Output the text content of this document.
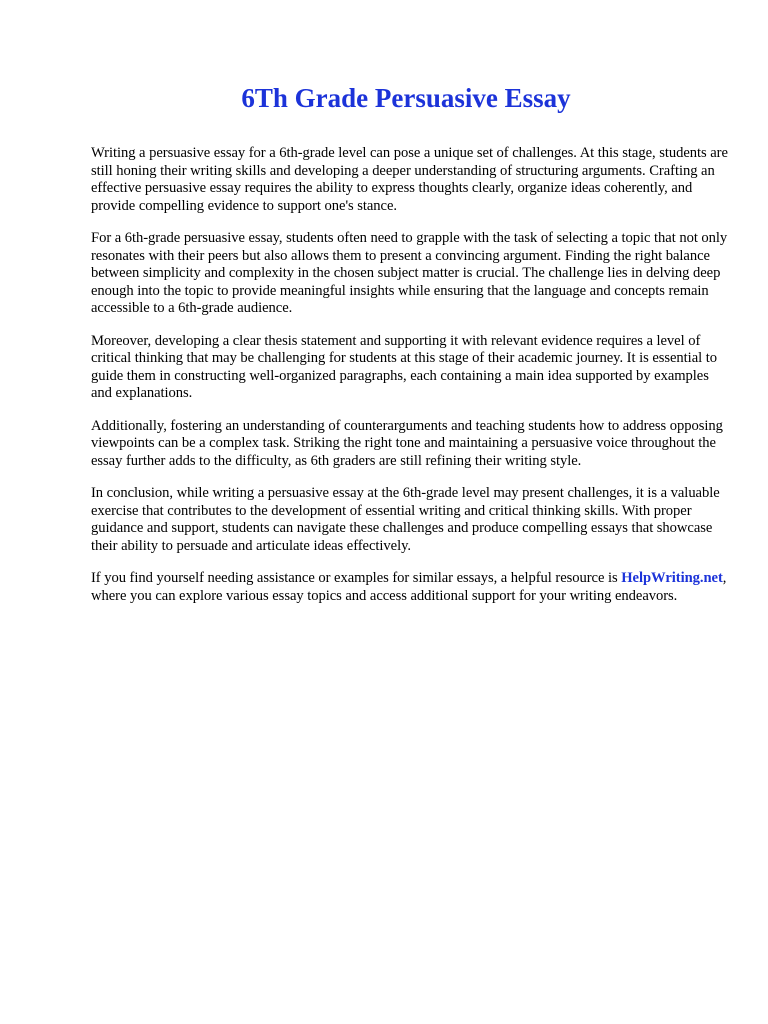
6Th Grade Persuasive Essay

Writing a persuasive essay for a 6th-grade level can pose a unique set of challenges. At this stage, students are still honing their writing skills and developing a deeper understanding of structuring arguments. Crafting an effective persuasive essay requires the ability to express thoughts clearly, organize ideas coherently, and provide compelling evidence to support one's stance.

For a 6th-grade persuasive essay, students often need to grapple with the task of selecting a topic that not only resonates with their peers but also allows them to present a convincing argument. Finding the right balance between simplicity and complexity in the chosen subject matter is crucial. The challenge lies in delving deep enough into the topic to provide meaningful insights while ensuring that the language and concepts remain accessible to a 6th-grade audience.

Moreover, developing a clear thesis statement and supporting it with relevant evidence requires a level of critical thinking that may be challenging for students at this stage of their academic journey. It is essential to guide them in constructing well-organized paragraphs, each containing a main idea supported by examples and explanations.

Additionally, fostering an understanding of counterarguments and teaching students how to address opposing viewpoints can be a complex task. Striking the right tone and maintaining a persuasive voice throughout the essay further adds to the difficulty, as 6th graders are still refining their writing style.

In conclusion, while writing a persuasive essay at the 6th-grade level may present challenges, it is a valuable exercise that contributes to the development of essential writing and critical thinking skills. With proper guidance and support, students can navigate these challenges and produce compelling essays that showcase their ability to persuade and articulate ideas effectively.

If you find yourself needing assistance or examples for similar essays, a helpful resource is HelpWriting.net, where you can explore various essay topics and access additional support for your writing endeavors.
